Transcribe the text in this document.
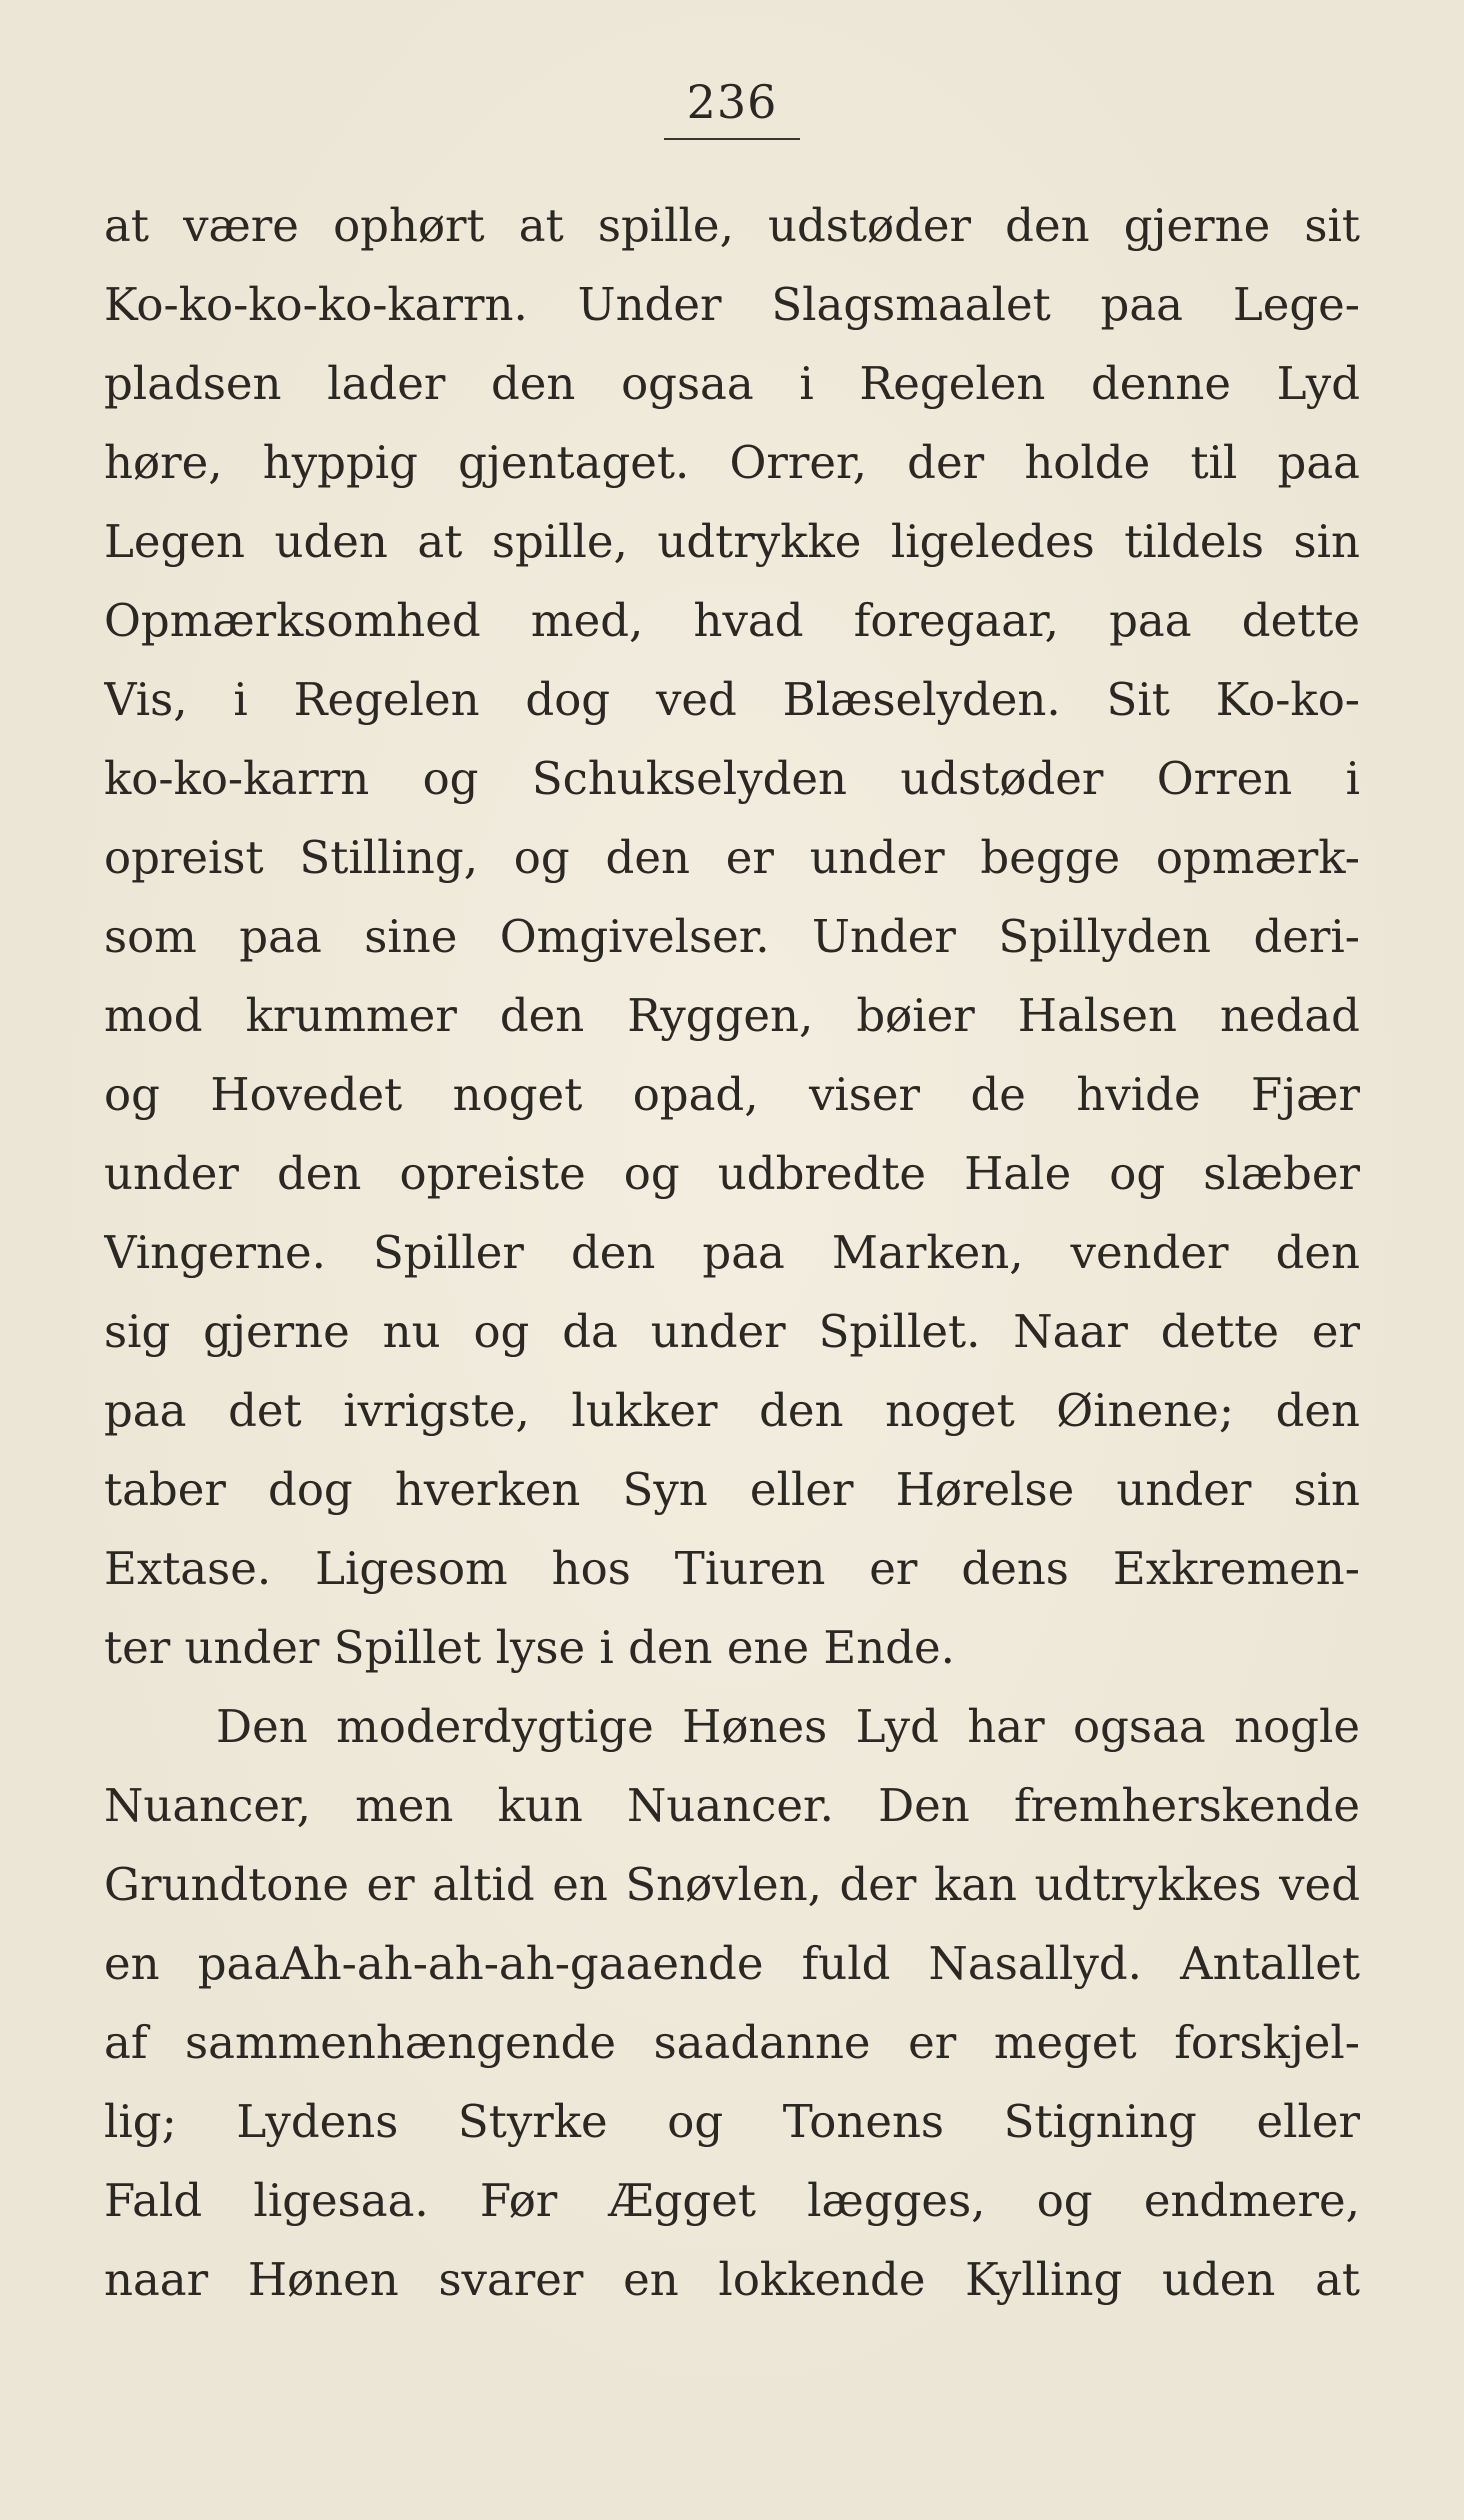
236
at være ophørt at spille, udstøder den gjerne sit
Ko-ko-ko-ko-karrn. Under Slagsmaalet paa Lege-
pladsen lader den ogsaa i Regelen denne Lyd
høre, hyppig gjentaget. Orrer, der holde til paa
Legen uden at spille, udtrykke ligeledes tildels sin
Opmærksomhed med, hvad foregaar, paa dette
Vis, i Regelen dog ved Blæselyden. Sit Ko-ko-
ko-ko-karrn og Schukselyden udstøder Orren i
opreist Stilling, og den er under begge opmærk-
som paa sine Omgivelser. Under Spillyden deri-
mod krummer den Ryggen, bøier Halsen nedad
og Hovedet noget opad, viser de hvide Fjær
under den opreiste og udbredte Hale og slæber
Vingerne. Spiller den paa Marken, vender den
sig gjerne nu og da under Spillet. Naar dette er
paa det ivrigste, lukker den noget Øinene; den
taber dog hverken Syn eller Hørelse under sin
Extase. Ligesom hos Tiuren er dens Exkremen-
ter under Spillet lyse i den ene Ende.
Den moderdygtige Hønes Lyd har ogsaa nogle
Nuancer, men kun Nuancer. Den fremherskende
Grundtone er altid en Snøvlen, der kan udtrykkes ved
en paaAh-ah-ah-ah-gaaende fuld Nasallyd. Antallet
af sammenhængende saadanne er meget forskjel-
lig; Lydens Styrke og Tonens Stigning eller
Fald ligesaa. Før Ægget lægges, og endmere,
naar Hønen svarer en lokkende Kylling uden at
